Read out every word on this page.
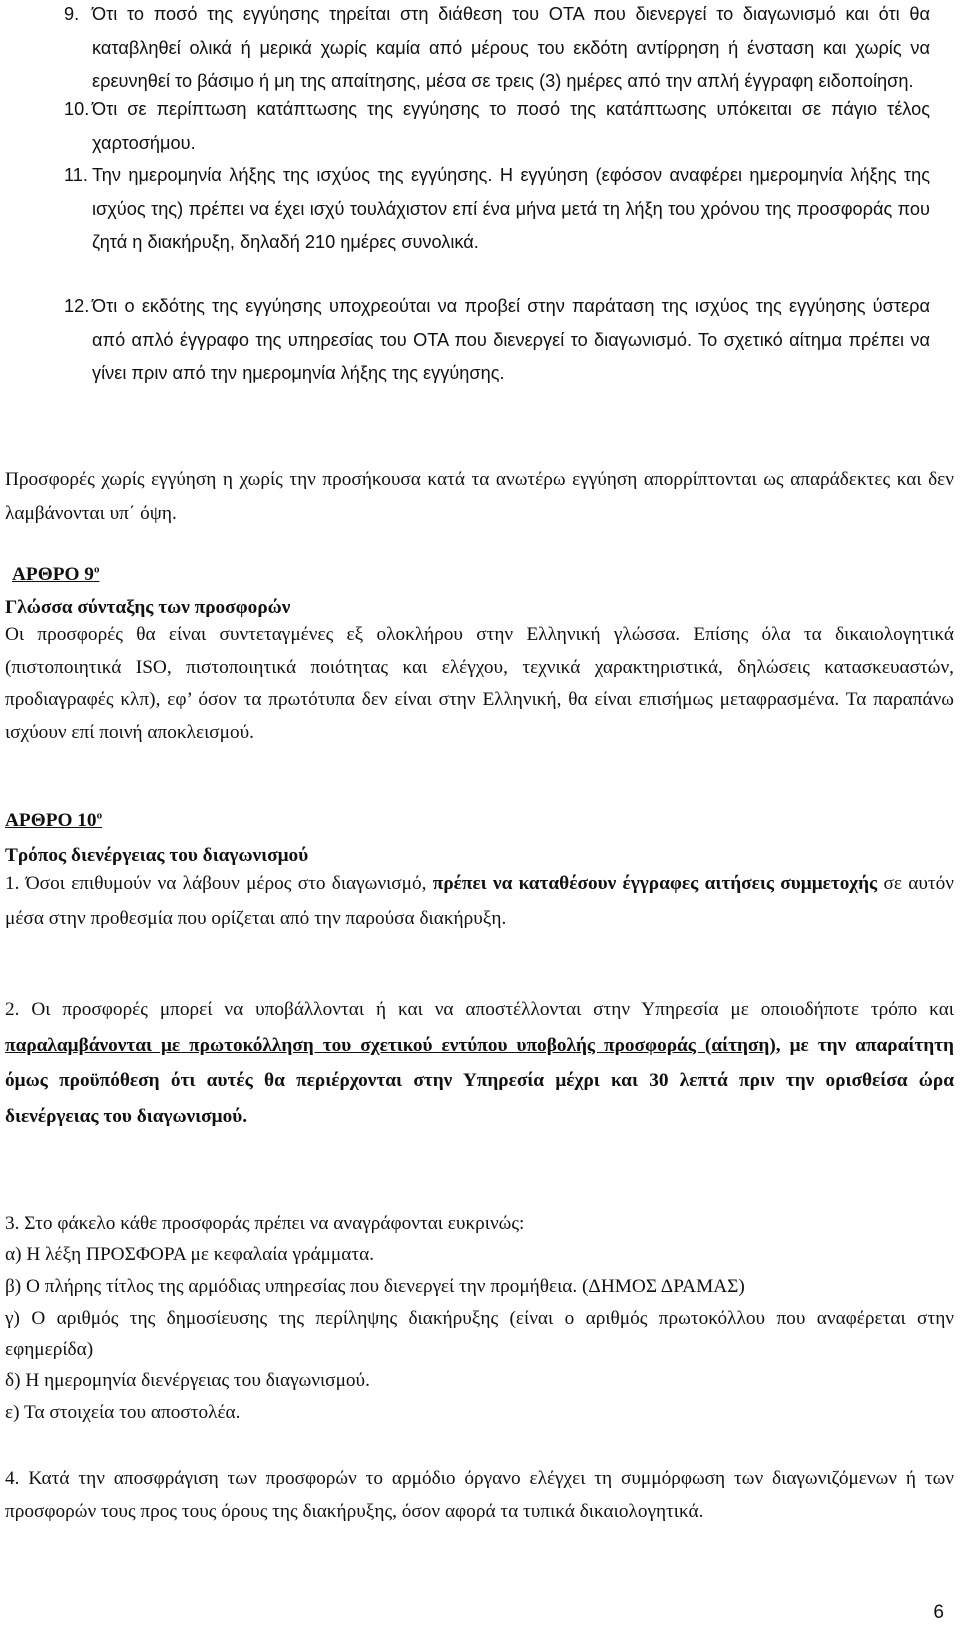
9. Ότι το ποσό της εγγύησης τηρείται στη διάθεση του ΟΤΑ που διενεργεί το διαγωνισμό και ότι θα καταβληθεί ολικά ή μερικά χωρίς καμία από μέρους του εκδότη αντίρρηση ή ένσταση και χωρίς να ερευνηθεί το βάσιμο ή μη της απαίτησης, μέσα σε τρεις (3) ημέρες από την απλή έγγραφη ειδοποίηση.
10. Ότι σε περίπτωση κατάπτωσης της εγγύησης το ποσό της κατάπτωσης υπόκειται σε πάγιο τέλος χαρτοσήμου.
11. Την ημερομηνία λήξης της ισχύος της εγγύησης. Η εγγύηση (εφόσον αναφέρει ημερομηνία λήξης της ισχύος της) πρέπει να έχει ισχύ τουλάχιστον επί ένα μήνα μετά τη λήξη του χρόνου της προσφοράς που ζητά η διακήρυξη, δηλαδή 210 ημέρες συνολικά.
12. Ότι ο εκδότης της εγγύησης υποχρεούται να προβεί στην παράταση της ισχύος της εγγύησης ύστερα από απλό έγγραφο της υπηρεσίας του ΟΤΑ που διενεργεί το διαγωνισμό. Το σχετικό αίτημα πρέπει να γίνει πριν από την ημερομηνία λήξης της εγγύησης.
Προσφορές χωρίς εγγύηση η χωρίς την προσήκουσα κατά τα ανωτέρω εγγύηση απορρίπτονται ως απαράδεκτες και δεν λαμβάνονται υπ΄ όψη.
ΑΡΘΡΟ $9^o$
Γλώσσα σύνταξης των προσφορών
Οι προσφορές θα είναι συντεταγμένες εξ ολοκλήρου στην Ελληνική γλώσσα. Επίσης όλα τα δικαιολογητικά (πιστοποιητικά ISO, πιστοποιητικά ποιότητας και ελέγχου, τεχνικά χαρακτηριστικά, δηλώσεις κατασκευαστών, προδιαγραφές κλπ), εφ’ όσον τα πρωτότυπα δεν είναι στην Ελληνική, θα είναι επισήμως μεταφρασμένα. Τα παραπάνω ισχύουν επί ποινή αποκλεισμού.
ΑΡΘΡΟ $10^o$
Τρόπος διενέργειας του διαγωνισμού
1. Όσοι επιθυμούν να λάβουν μέρος στο διαγωνισμό, πρέπει να καταθέσουν έγγραφες αιτήσεις συμμετοχής σε αυτόν μέσα στην προθεσμία που ορίζεται από την παρούσα διακήρυξη.
2. Οι προσφορές μπορεί να υποβάλλονται ή και να αποστέλλονται στην Υπηρεσία με οποιοδήποτε τρόπο και παραλαμβάνονται με πρωτοκόλληση του σχετικού εντύπου υποβολής προσφοράς (αίτηση), με την απαραίτητη όμως προϋπόθεση ότι αυτές θα περιέρχονται στην Υπηρεσία μέχρι και 30 λεπτά πριν την ορισθείσα ώρα διενέργειας του διαγωνισμού.
3. Στο φάκελο κάθε προσφοράς πρέπει να αναγράφονται ευκρινώς:
α) Η λέξη ΠΡΟΣΦΟΡΑ με κεφαλαία γράμματα.
β) Ο πλήρης τίτλος της αρμόδιας υπηρεσίας που διενεργεί την προμήθεια. (ΔΗΜΟΣ ΔΡΑΜΑΣ)
γ) Ο αριθμός της δημοσίευσης της περίληψης διακήρυξης (είναι ο αριθμός πρωτοκόλλου που αναφέρεται στην εφημερίδα)
δ) Η ημερομηνία διενέργειας του διαγωνισμού.
ε) Τα στοιχεία του αποστολέα.
4. Κατά την αποσφράγιση των προσφορών το αρμόδιο όργανο ελέγχει τη συμμόρφωση των διαγωνιζόμενων ή των προσφορών τους προς τους όρους της διακήρυξης, όσον αφορά τα τυπικά δικαιολογητικά.
6
